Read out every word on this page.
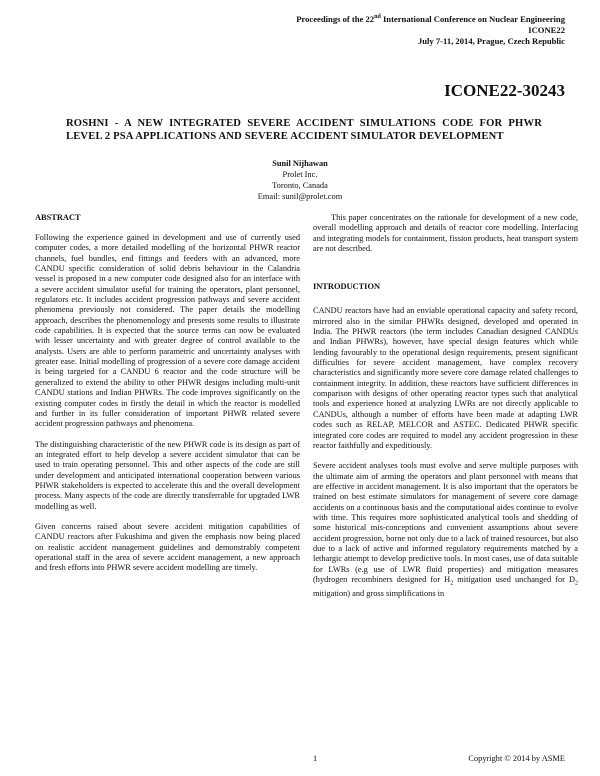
Proceedings of the 22nd International Conference on Nuclear Engineering
ICONE22
July 7-11, 2014, Prague, Czech Republic
ICONE22-30243
ROSHNI - A NEW INTEGRATED SEVERE ACCIDENT SIMULATIONS CODE FOR PHWR LEVEL 2 PSA APPLICATIONS AND SEVERE ACCIDENT SIMULATOR DEVELOPMENT
Sunil Nijhawan
Prolet Inc.
Toronto, Canada
Email: sunil@prolet.com
ABSTRACT

Following the experience gained in development and use of currently used computer codes, a more detailed modelling of the horizontal PHWR reactor channels, fuel bundles, end fittings and feeders with an advanced, more CANDU specific consideration of solid debris behaviour in the Calandria vessel is proposed in a new computer code designed also for an interface with a severe accident simulator useful for training the operators, plant personnel, regulators etc. It includes accident progression pathways and severe accident phenomena previously not considered. The paper details the modelling approach, describes the phenomenology and presents some results to illustrate code capabilities. It is expected that the source terms can now be evaluated with lesser uncertainty and with greater degree of control available to the analysts. Users are able to perform parametric and uncertainty analyses with greater ease. Initial modelling of progression of a severe core damage accident is being targeted for a CANDU 6 reactor and the code structure will be generalized to extend the ability to other PHWR designs including multi-unit CANDU stations and Indian PHWRs. The code improves significantly on the existing computer codes in firstly the detail in which the reactor is modelled and further in its fuller consideration of important PHWR related severe accident progression pathways and phenomena.

The distinguishing characteristic of the new PHWR code is its design as part of an integrated effort to help develop a severe accident simulator that can be used to train operating personnel. This and other aspects of the code are still under development and anticipated international cooperation between various PHWR stakeholders is expected to accelerate this and the overall development process. Many aspects of the code are directly transferrable for upgraded LWR modelling as well.

Given concerns raised about severe accident mitigation capabilities of CANDU reactors after Fukushima and given the emphasis now being placed on realistic accident management guidelines and demonstrably competent operational staff in the area of severe accident management, a new approach and fresh efforts into PHWR severe accident modelling are timely.

This paper concentrates on the rationale for development of a new code, overall modelling approach and details of reactor core modelling. Interfacing and integrating models for containment, fission products, heat transport system are not described.

INTRODUCTION

CANDU reactors have had an enviable operational capacity and safety record, mirrored also in the similar PHWRs designed, developed and operated in India. The PHWR reactors (the term includes Canadian designed CANDUs and Indian PHWRs), however, have special design features which while lending favourably to the operational design requirements, present significant difficulties for severe accident management, have complex recovery characteristics and significantly more severe core damage related challenges to containment integrity. In addition, these reactors have sufficient differences in comparison with designs of other operating reactor types such that analytical tools and experience honed at analyzing LWRs are not directly applicable to CANDUs, although a number of efforts have been made at adapting LWR codes such as RELAP, MELCOR and ASTEC. Dedicated PHWR specific integrated core codes are required to model any accident progression in these reactor faithfully and expeditiously.

Severe accident analyses tools must evolve and serve multiple purposes with the ultimate aim of arming the operators and plant personnel with means that are effective in accident management. It is also important that the operators be trained on best estimate simulators for management of severe core damage accidents on a continuous basis and the computational aides continue to evolve with time. This requires more sophisticated analytical tools and shedding of some historical mis-conceptions and convenient assumptions about severe accident progression, borne not only due to a lack of trained resources, but also due to a lack of active and informed regulatory requirements matched by a lethargic attempt to develop predictive tools. In most cases, use of data suitable for LWRs (e.g use of LWR fluid properties) and mitigation measures (hydrogen recombiners designed for $H_2$ mitigation used unchanged for $D_2$ mitigation) and gross simplifications in

1	Copyright © 2014 by ASME
